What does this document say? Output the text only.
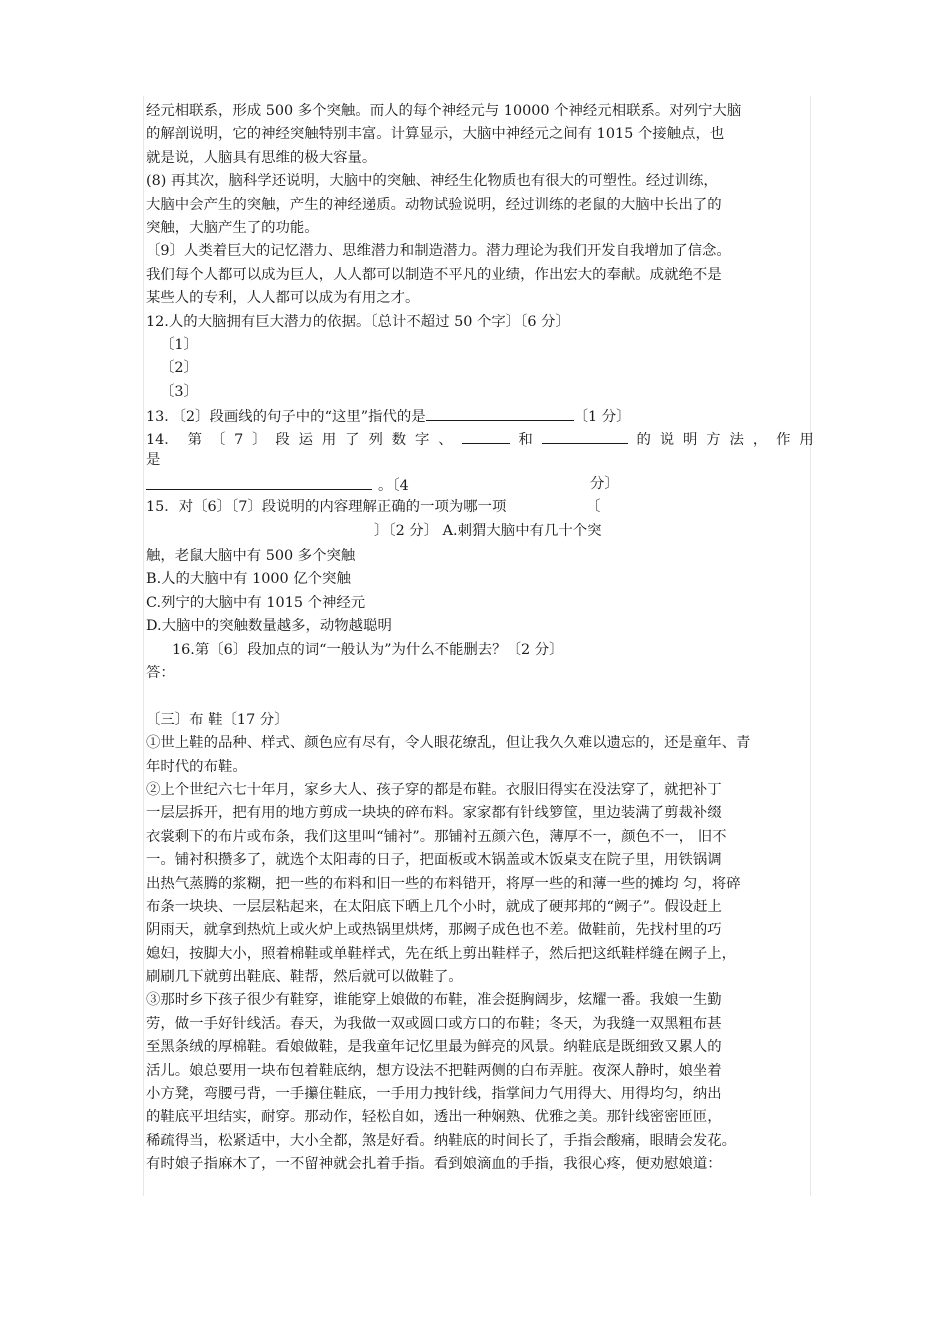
经元相联系，形成 500 多个突触。而人的每个神经元与 10000 个神经元相联系。对列宁大脑
的解剖说明，它的神经突触特别丰富。计算显示，大脑中神经元之间有 1015 个接触点，也
就是说，人脑具有思维的极大容量。
(8) 再其次，脑科学还说明，大脑中的突触、神经生化物质也有很大的可塑性。经过训练，
大脑中会产生的突触，产生的神经递质。动物试验说明，经过训练的老鼠的大脑中长出了的
突触，大脑产生了的功能。
〔9〕人类着巨大的记忆潜力、思维潜力和制造潜力。潜力理论为我们开发自我增加了信念。
我们每个人都可以成为巨人，人人都可以制造不平凡的业绩，作出宏大的奉献。成就绝不是
某些人的专利，人人都可以成为有用之才。
12.人的大脑拥有巨大潜力的依据。〔总计不超过 50 个字〕〔6 分〕
〔1〕
〔2〕
〔3〕
13．〔2〕段画线的句子中的“这里”指代的是	〔1 分〕
14． 第 〔 7 〕 段 运 用 了 列 数 字 、	和	的 说 明 方 法 ， 作 用
是
。〔4	分〕
15．对〔6〕〔7〕段说明的内容理解正确的一项为哪一项	〔
〕〔2 分〕 A.刺猬大脑中有几十个突
触，老鼠大脑中有 500 多个突触
B.人的大脑中有 1000 亿个突触
C.列宁的大脑中有 1015 个神经元
D.大脑中的突触数量越多，动物越聪明
16.第〔6〕段加点的词“一般认为”为什么不能删去？〔2 分〕
答：
〔三〕布 鞋〔17 分〕
①世上鞋的品种、样式、颜色应有尽有，令人眼花缭乱，但让我久久难以遗忘的，还是童年、青
年时代的布鞋。
②上个世纪六七十年月，家乡大人、孩子穿的都是布鞋。衣服旧得实在没法穿了，就把补丁
一层层拆开，把有用的地方剪成一块块的碎布料。家家都有针线箩筐，里边装满了剪裁补缀
衣裳剩下的布片或布条，我们这里叫“铺衬”。那铺衬五颜六色，薄厚不一，颜色不一， 旧不
一。铺衬积攒多了，就选个太阳毒的日子，把面板或木锅盖或木饭桌支在院子里，用铁锅调
出热气蒸腾的浆糊，把一些的布料和旧一些的布料错开，将厚一些的和薄一些的摊均 匀，将碎
布条一块块、一层层粘起来，在太阳底下晒上几个小时，就成了硬邦邦的“阙子”。假设赶上
阴雨天，就拿到热炕上或火炉上或热锅里烘烤，那阙子成色也不差。做鞋前，先找村里的巧
媳妇，按脚大小，照着棉鞋或单鞋样式，先在纸上剪出鞋样子，然后把这纸鞋样缝在阙子上，
刷刷几下就剪出鞋底、鞋帮，然后就可以做鞋了。
③那时乡下孩子很少有鞋穿，谁能穿上娘做的布鞋，准会挺胸阔步，炫耀一番。我娘一生勤
劳，做一手好针线活。春天，为我做一双或圆口或方口的布鞋；冬天，为我缝一双黑粗布甚
至黑条绒的厚棉鞋。看娘做鞋，是我童年记忆里最为鲜亮的风景。纳鞋底是既细致又累人的
活儿。娘总要用一块布包着鞋底纳，想方设法不把鞋两侧的白布弄脏。夜深人静时，娘坐着
小方凳，弯腰弓背，一手攥住鞋底，一手用力拽针线，指掌间力气用得大、用得均匀，纳出
的鞋底平坦结实，耐穿。那动作，轻松自如，透出一种娴熟、优雅之美。那针线密密匝匝，
稀疏得当，松紧适中，大小全都，煞是好看。纳鞋底的时间长了，手指会酸痛，眼睛会发花。
有时娘子指麻木了，一不留神就会扎着手指。看到娘滴血的手指，我很心疼，便劝慰娘道：
